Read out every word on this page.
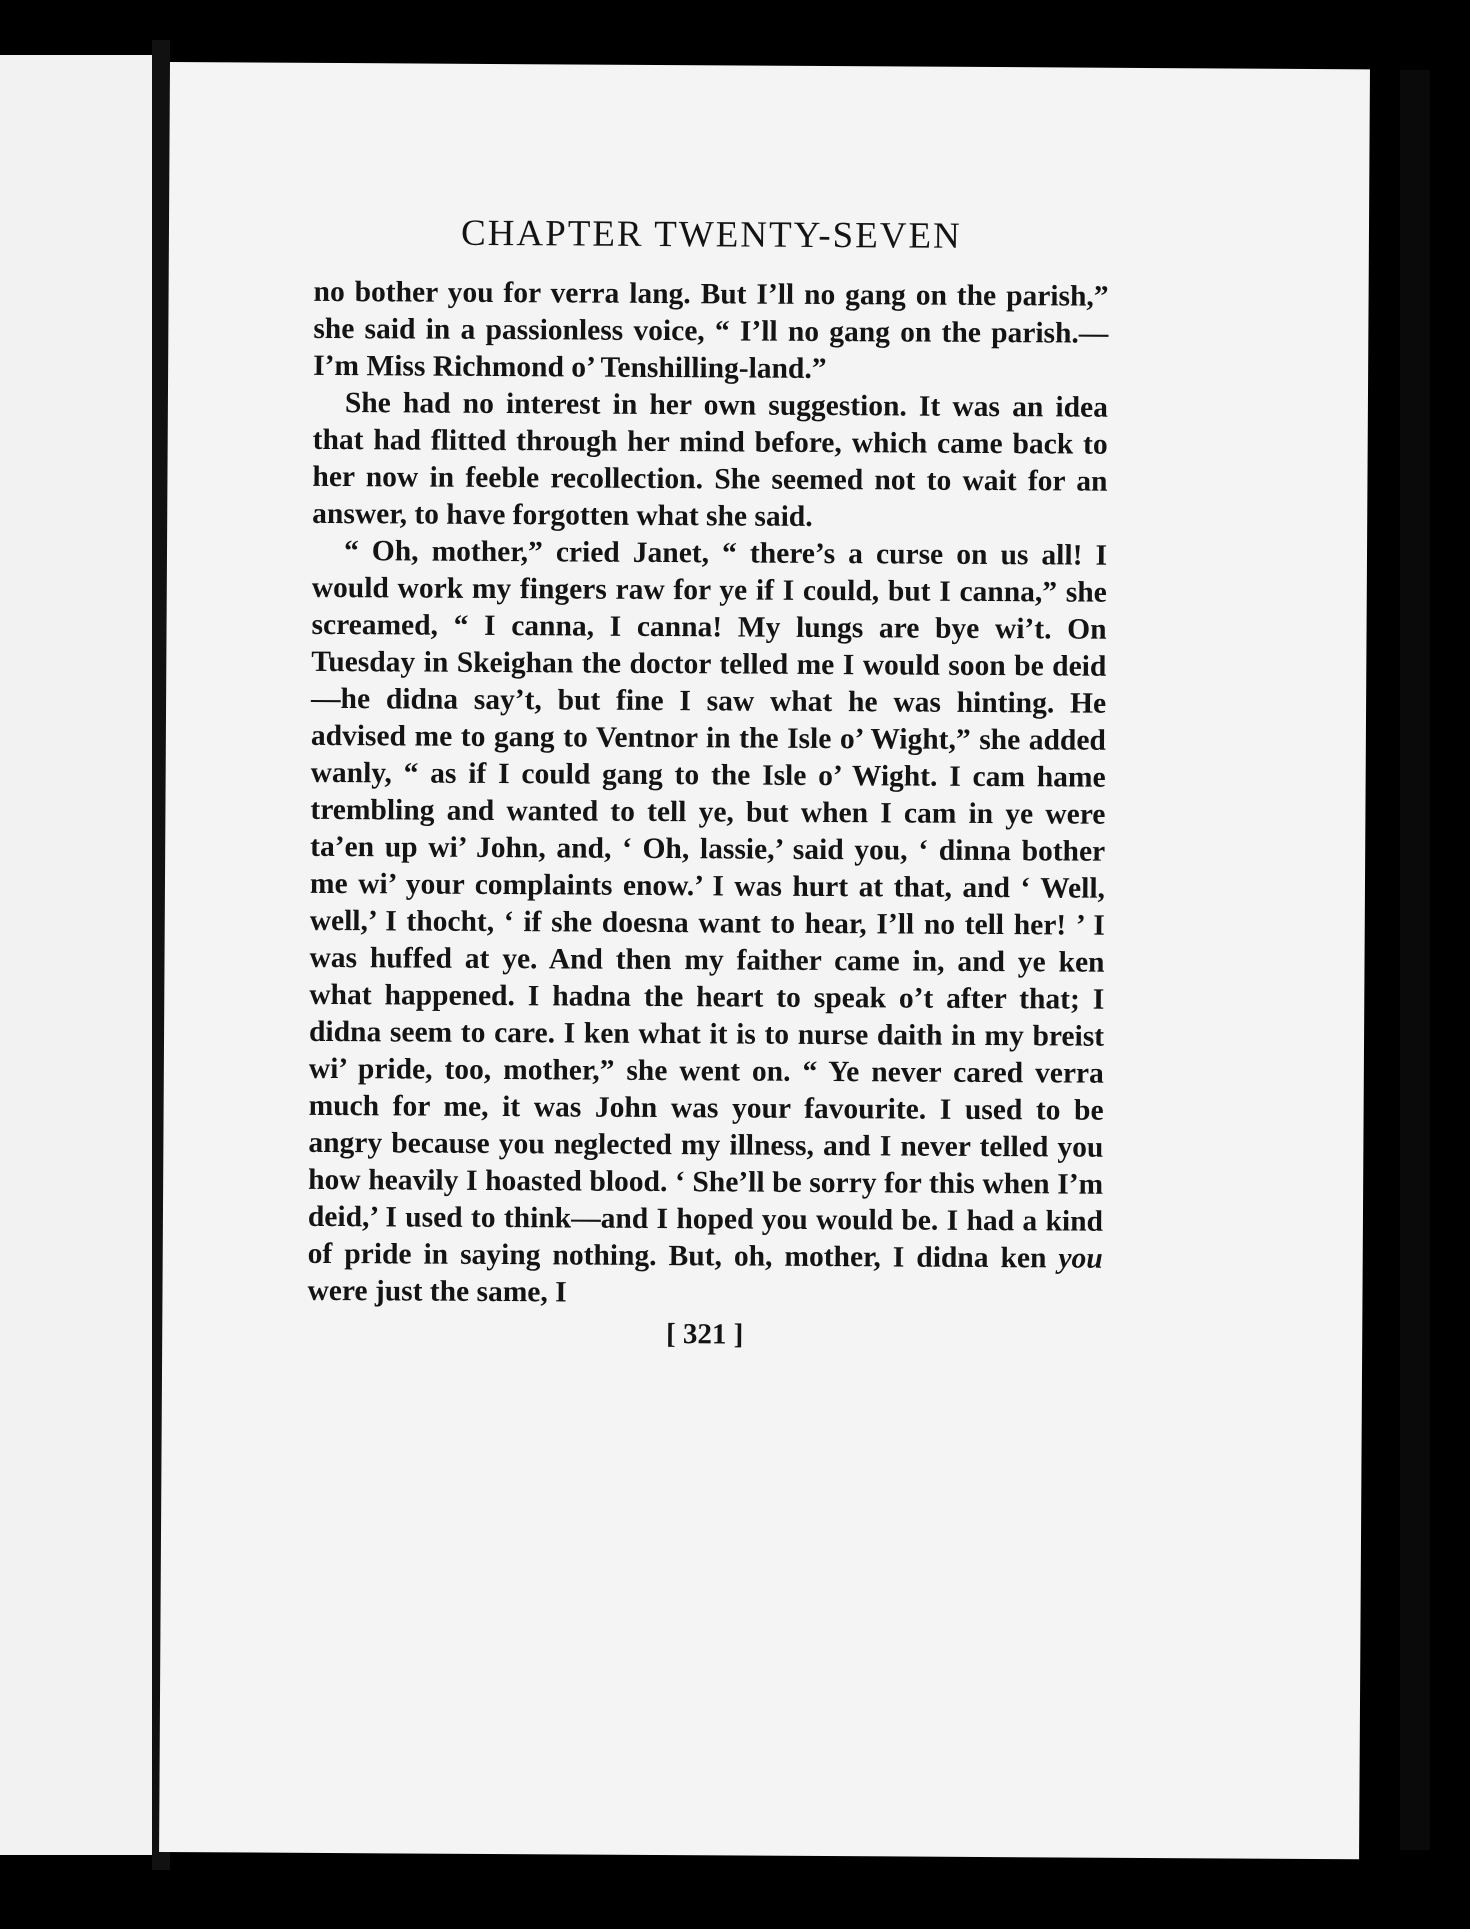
CHAPTER TWENTY-SEVEN

no bother you for verra lang. But I’ll no gang on the parish,” she said in a passionless voice, “ I’ll no gang on the parish.—I’m Miss Richmond o’ Tenshilling-land.”

She had no interest in her own suggestion. It was an idea that had flitted through her mind before, which came back to her now in feeble recollection. She seemed not to wait for an answer, to have forgotten what she said.

“ Oh, mother,” cried Janet, “ there’s a curse on us all! I would work my fingers raw for ye if I could, but I canna,” she screamed, “ I canna, I canna! My lungs are bye wi’t. On Tuesday in Skeighan the doctor telled me I would soon be deid—he didna say’t, but fine I saw what he was hinting. He advised me to gang to Ventnor in the Isle o’ Wight,” she added wanly, “ as if I could gang to the Isle o’ Wight. I cam hame trembling and wanted to tell ye, but when I cam in ye were ta’en up wi’ John, and, ‘ Oh, lassie,’ said you, ‘ dinna bother me wi’ your complaints enow.’ I was hurt at that, and ‘ Well, well,’ I thocht, ‘ if she doesna want to hear, I’ll no tell her! ’ I was huffed at ye. And then my faither came in, and ye ken what happened. I hadna the heart to speak o’t after that; I didna seem to care. I ken what it is to nurse daith in my breist wi’ pride, too, mother,” she went on. “ Ye never cared verra much for me, it was John was your favourite. I used to be angry because you neglected my illness, and I never telled you how heavily I hoasted blood. ‘ She’ll be sorry for this when I’m deid,’ I used to think—and I hoped you would be. I had a kind of pride in saying nothing. But, oh, mother, I didna ken you were just the same, I

[ 321 ]
